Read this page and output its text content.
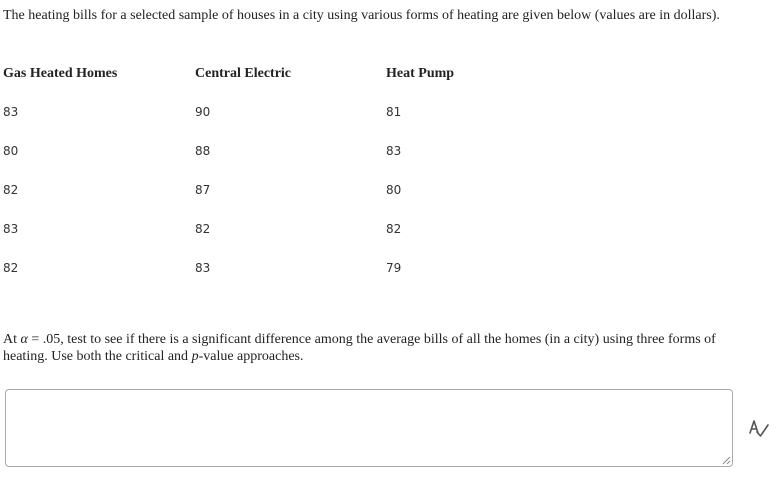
The heating bills for a selected sample of houses in a city using various forms of heating are given below (values are in dollars).
Gas Heated Homes	Central Electric	Heat Pump
83	90	81
80	88	83
82	87	80
83	82	82
82	83	79
At α = .05, test to see if there is a significant difference among the average bills of all the homes (in a city) using three forms of heating. Use both the critical and p-value approaches.
